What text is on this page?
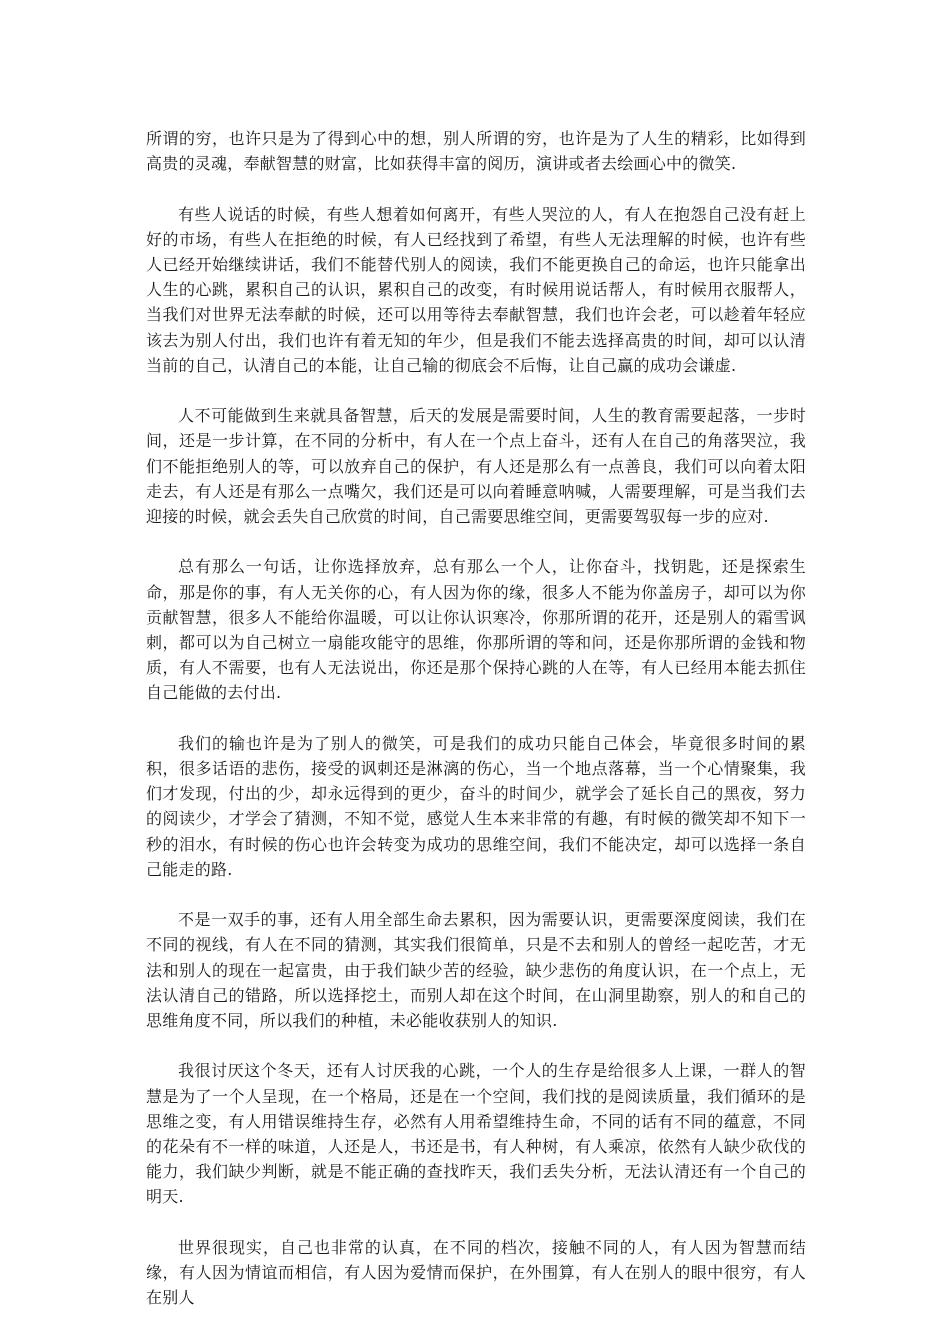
所谓的穷，也许只是为了得到心中的想，别人所谓的穷，也许是为了人生的精彩，比如得到高贵的灵魂，奉献智慧的财富，比如获得丰富的阅历，演讲或者去绘画心中的微笑.

有些人说话的时候，有些人想着如何离开，有些人哭泣的人，有人在抱怨自己没有赶上好的市场，有些人在拒绝的时候，有人已经找到了希望，有些人无法理解的时候，也许有些人已经开始继续讲话，我们不能替代别人的阅读，我们不能更换自己的命运，也许只能拿出人生的心跳，累积自己的认识，累积自己的改变，有时候用说话帮人，有时候用衣服帮人，当我们对世界无法奉献的时候，还可以用等待去奉献智慧，我们也许会老，可以趁着年轻应该去为别人付出，我们也许有着无知的年少，但是我们不能去选择高贵的时间，却可以认清当前的自己，认清自己的本能，让自己输的彻底会不后悔，让自己赢的成功会谦虚.

人不可能做到生来就具备智慧，后天的发展是需要时间，人生的教育需要起落，一步时间，还是一步计算，在不同的分析中，有人在一个点上奋斗，还有人在自己的角落哭泣，我们不能拒绝别人的等，可以放弃自己的保护，有人还是那么有一点善良，我们可以向着太阳走去，有人还是有那么一点嘴欠，我们还是可以向着睡意呐喊，人需要理解，可是当我们去迎接的时候，就会丢失自己欣赏的时间，自己需要思维空间，更需要驾驭每一步的应对.

总有那么一句话，让你选择放弃，总有那么一个人，让你奋斗，找钥匙，还是探索生命，那是你的事，有人无关你的心，有人因为你的缘，很多人不能为你盖房子，却可以为你贡献智慧，很多人不能给你温暖，可以让你认识寒冷，你那所谓的花开，还是别人的霜雪讽刺，都可以为自己树立一扇能攻能守的思维，你那所谓的等和问，还是你那所谓的金钱和物质，有人不需要，也有人无法说出，你还是那个保持心跳的人在等，有人已经用本能去抓住自己能做的去付出.

我们的输也许是为了别人的微笑，可是我们的成功只能自己体会，毕竟很多时间的累积，很多话语的悲伤，接受的讽刺还是淋漓的伤心，当一个地点落幕，当一个心情聚集，我们才发现，付出的少，却永远得到的更少，奋斗的时间少，就学会了延长自己的黑夜，努力的阅读少，才学会了猜测，不知不觉，感觉人生本来非常的有趣，有时候的微笑却不知下一秒的泪水，有时候的伤心也许会转变为成功的思维空间，我们不能决定，却可以选择一条自己能走的路.

不是一双手的事，还有人用全部生命去累积，因为需要认识，更需要深度阅读，我们在不同的视线，有人在不同的猜测，其实我们很简单，只是不去和别人的曾经一起吃苦，才无法和别人的现在一起富贵，由于我们缺少苦的经验，缺少悲伤的角度认识，在一个点上，无法认清自己的错路，所以选择挖土，而别人却在这个时间，在山洞里勘察，别人的和自己的思维角度不同，所以我们的种植，未必能收获别人的知识.

我很讨厌这个冬天，还有人讨厌我的心跳，一个人的生存是给很多人上课，一群人的智慧是为了一个人呈现，在一个格局，还是在一个空间，我们找的是阅读质量，我们循环的是思维之变，有人用错误维持生存，必然有人用希望维持生命，不同的话有不同的蕴意，不同的花朵有不一样的味道，人还是人，书还是书，有人种树，有人乘凉，依然有人缺少砍伐的能力，我们缺少判断，就是不能正确的查找昨天，我们丢失分析，无法认清还有一个自己的明天.

世界很现实，自己也非常的认真，在不同的档次，接触不同的人，有人因为智慧而结缘，有人因为情谊而相信，有人因为爱情而保护，在外围算，有人在别人的眼中很穷，有人在别人
